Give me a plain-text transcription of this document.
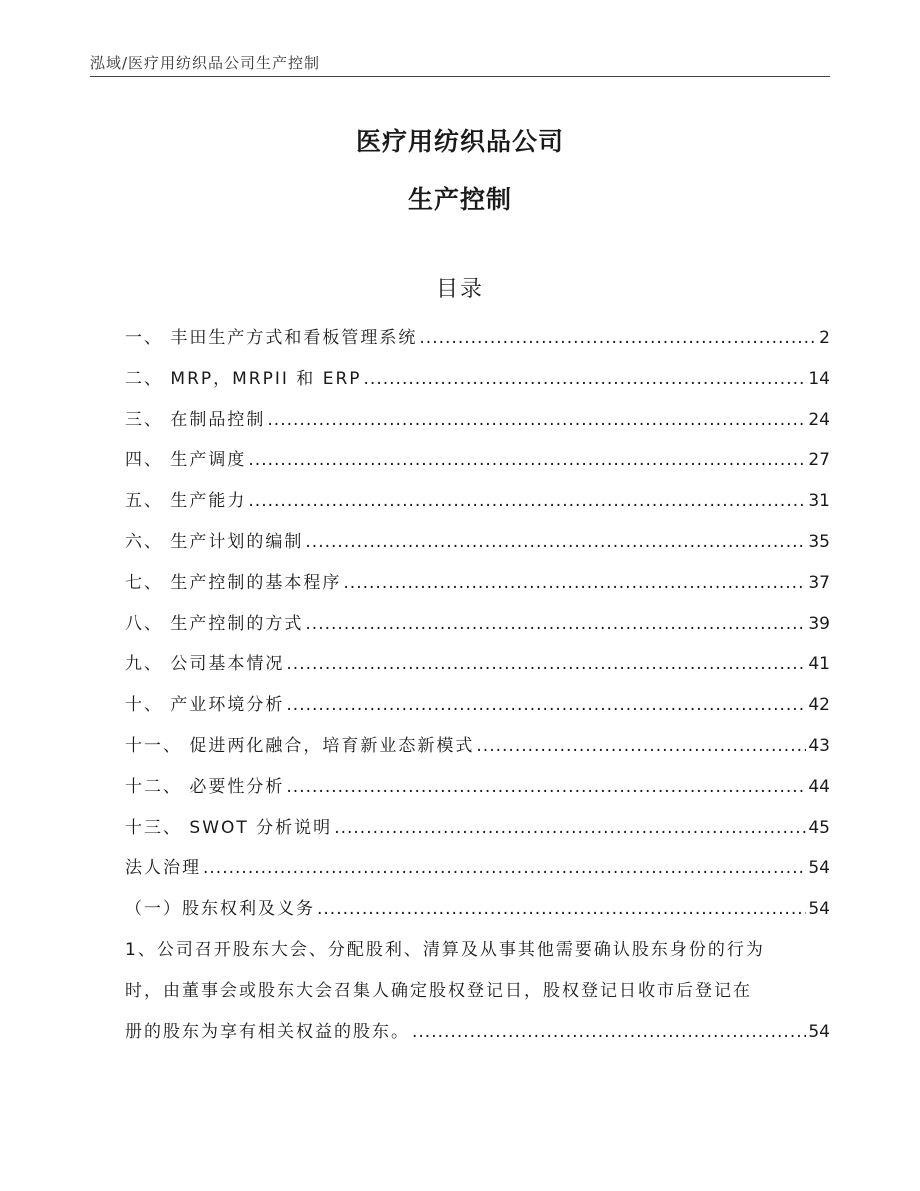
泓域/医疗用纺织品公司生产控制
医疗用纺织品公司
生产控制
目录
一、 丰田生产方式和看板管理系统 .....	2
二、 MRP，MRPII 和 ERP .....	14
三、 在制品控制 .....	24
四、 生产调度 .....	27
五、 生产能力 .....	31
六、 生产计划的编制 .....	35
七、 生产控制的基本程序 .....	37
八、 生产控制的方式 .....	39
九、 公司基本情况 .....	41
十、 产业环境分析 .....	42
十一、 促进两化融合，培育新业态新模式 .....	43
十二、 必要性分析 .....	44
十三、 SWOT 分析说明 .....	45
法人治理 .....	54
（一）股东权利及义务 .....	54
1、公司召开股东大会、分配股利、清算及从事其他需要确认股东身份的行为
时，由董事会或股东大会召集人确定股权登记日，股权登记日收市后登记在
册的股东为享有相关权益的股东。 .....	54
